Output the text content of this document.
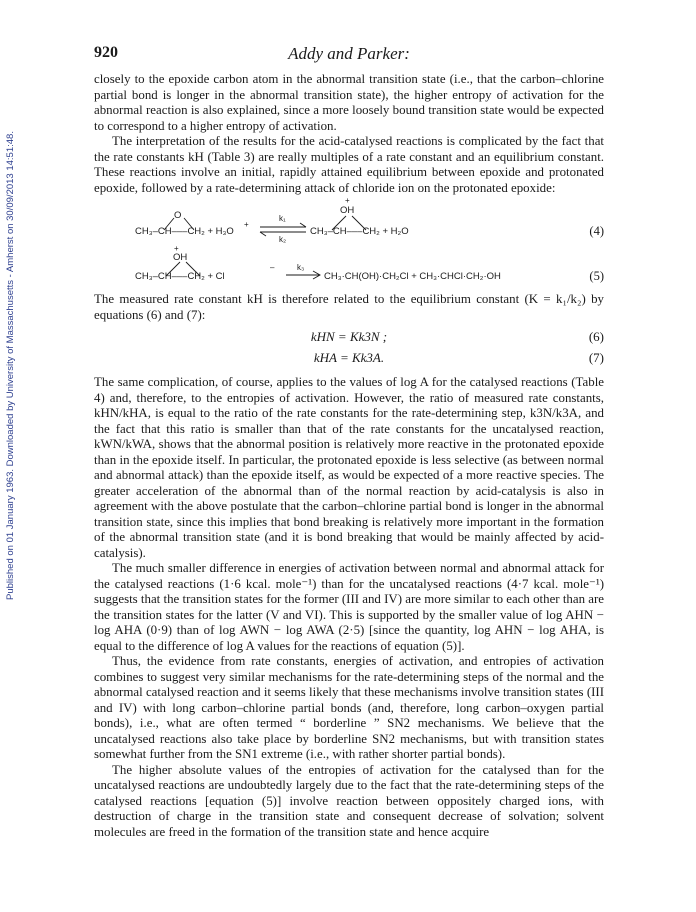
Published on 01 January 1963. Downloaded by University of Massachusetts - Amherst on 30/09/2013 14:51:48.
920	Addy and Parker:

closely to the epoxide carbon atom in the abnormal transition state (i.e., that the carbon–chlorine partial bond is longer in the abnormal transition state), the higher entropy of activation for the abnormal reaction is also explained, since a more loosely bound transition state would be expected to correspond to a higher entropy of activation.

The interpretation of the results for the acid-catalysed reactions is complicated by the fact that the rate constants kH (Table 3) are really multiples of a rate constant and an equilibrium constant. These reactions involve an initial, rapidly attained equilibrium between epoxide and protonated epoxide, followed by a rate-determining attack of chloride ion on the protonated epoxide:

O
CH₃–CH–––CH₂ + H₃O
+
k₁
k₂
+
OH
CH₃–CH–––CH₂ + H₂O	(4)
+
OH
CH₃–CH–––CH₂ + Cl
–	k₃
CH₃·CH(OH)·CH₂Cl + CH₃·CHCl·CH₂·OH	(5)

The measured rate constant kH is therefore related to the equilibrium constant (K = k₁/k₂) by equations (6) and (7):

kHN = Kk3N ;	(6)
kHA = Kk3A.	(7)

The same complication, of course, applies to the values of log A for the catalysed reactions (Table 4) and, therefore, to the entropies of activation. However, the ratio of measured rate constants, kHN/kHA, is equal to the ratio of the rate constants for the rate-determining step, k3N/k3A, and the fact that this ratio is smaller than that of the rate constants for the uncatalysed reaction, kWN/kWA, shows that the abnormal position is relatively more reactive in the protonated epoxide than in the epoxide itself. In particular, the protonated epoxide is less selective (as between normal and abnormal attack) than the epoxide itself, as would be expected of a more reactive species. The greater acceleration of the abnormal than of the normal reaction by acid-catalysis is also in agreement with the above postulate that the carbon–chlorine partial bond is longer in the abnormal transition state, since this implies that bond breaking is relatively more important in the formation of the abnormal transition state (and it is bond breaking that would be mainly affected by acid-catalysis).

The much smaller difference in energies of activation between normal and abnormal attack for the catalysed reactions (1·6 kcal. mole⁻¹) than for the uncatalysed reactions (4·7 kcal. mole⁻¹) suggests that the transition states for the former (III and IV) are more similar to each other than are the transition states for the latter (V and VI). This is supported by the smaller value of log AHN − log AHA (0·9) than of log AWN − log AWA (2·5) [since the quantity, log AHN − log AHA, is equal to the difference of log A values for the reactions of equation (5)].

Thus, the evidence from rate constants, energies of activation, and entropies of activation combines to suggest very similar mechanisms for the rate-determining steps of the normal and the abnormal catalysed reaction and it seems likely that these mechanisms involve transition states (III and IV) with long carbon–chlorine partial bonds (and, therefore, long carbon–oxygen partial bonds), i.e., what are often termed “ borderline ” SN2 mechanisms. We believe that the uncatalysed reactions also take place by borderline SN2 mechanisms, but with transition states somewhat further from the SN1 extreme (i.e., with rather shorter partial bonds).

The higher absolute values of the entropies of activation for the catalysed than for the uncatalysed reactions are undoubtedly largely due to the fact that the rate-determining steps of the catalysed reactions [equation (5)] involve reaction between oppositely charged ions, with destruction of charge in the transition state and consequent decrease of solvation; solvent molecules are freed in the formation of the transition state and hence acquire
